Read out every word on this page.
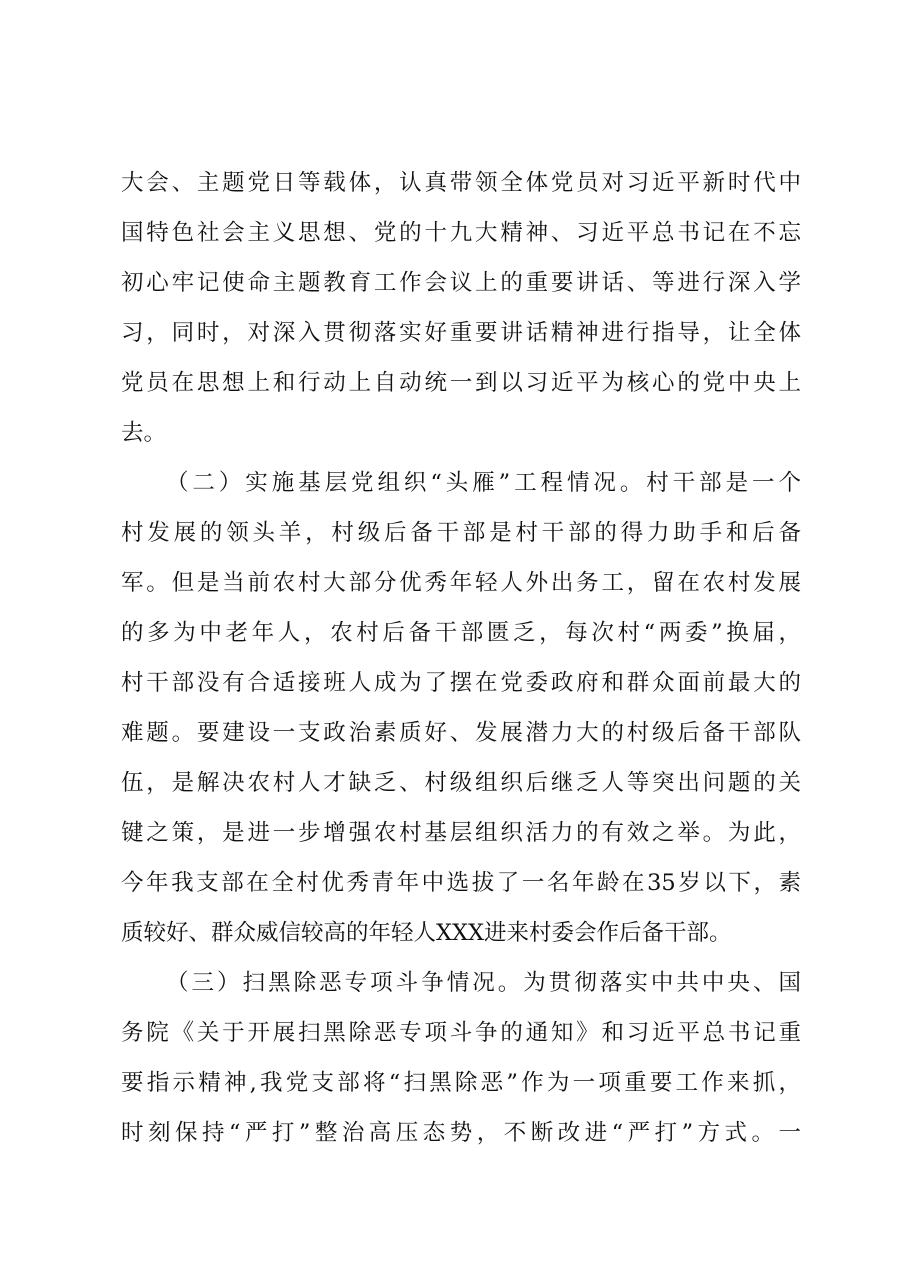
大会、主题党日等载体，认真带领全体党员对习近平新时代中
国特色社会主义思想、党的十九大精神、习近平总书记在不忘
初心牢记使命主题教育工作会议上的重要讲话、等进行深入学
习，同时，对深入贯彻落实好重要讲话精神进行指导，让全体
党员在思想上和行动上自动统一到以习近平为核心的党中央上
去。
（二）实施基层党组织“头雁”工程情况。村干部是一个
村发展的领头羊，村级后备干部是村干部的得力助手和后备
军。但是当前农村大部分优秀年轻人外出务工，留在农村发展
的多为中老年人，农村后备干部匮乏，每次村“两委”换届，
村干部没有合适接班人成为了摆在党委政府和群众面前最大的
难题。要建设一支政治素质好、发展潜力大的村级后备干部队
伍，是解决农村人才缺乏、村级组织后继乏人等突出问题的关
键之策，是进一步增强农村基层组织活力的有效之举。为此，
今年我支部在全村优秀青年中选拔了一名年龄在35岁以下，素
质较好、群众威信较高的年轻人XXX进来村委会作后备干部。
（三）扫黑除恶专项斗争情况。为贯彻落实中共中央、国
务院《关于开展扫黑除恶专项斗争的通知》和习近平总书记重
要指示精神,我党支部将“扫黑除恶”作为一项重要工作来抓，
时刻保持“严打”整治高压态势，不断改进“严打”方式。一
